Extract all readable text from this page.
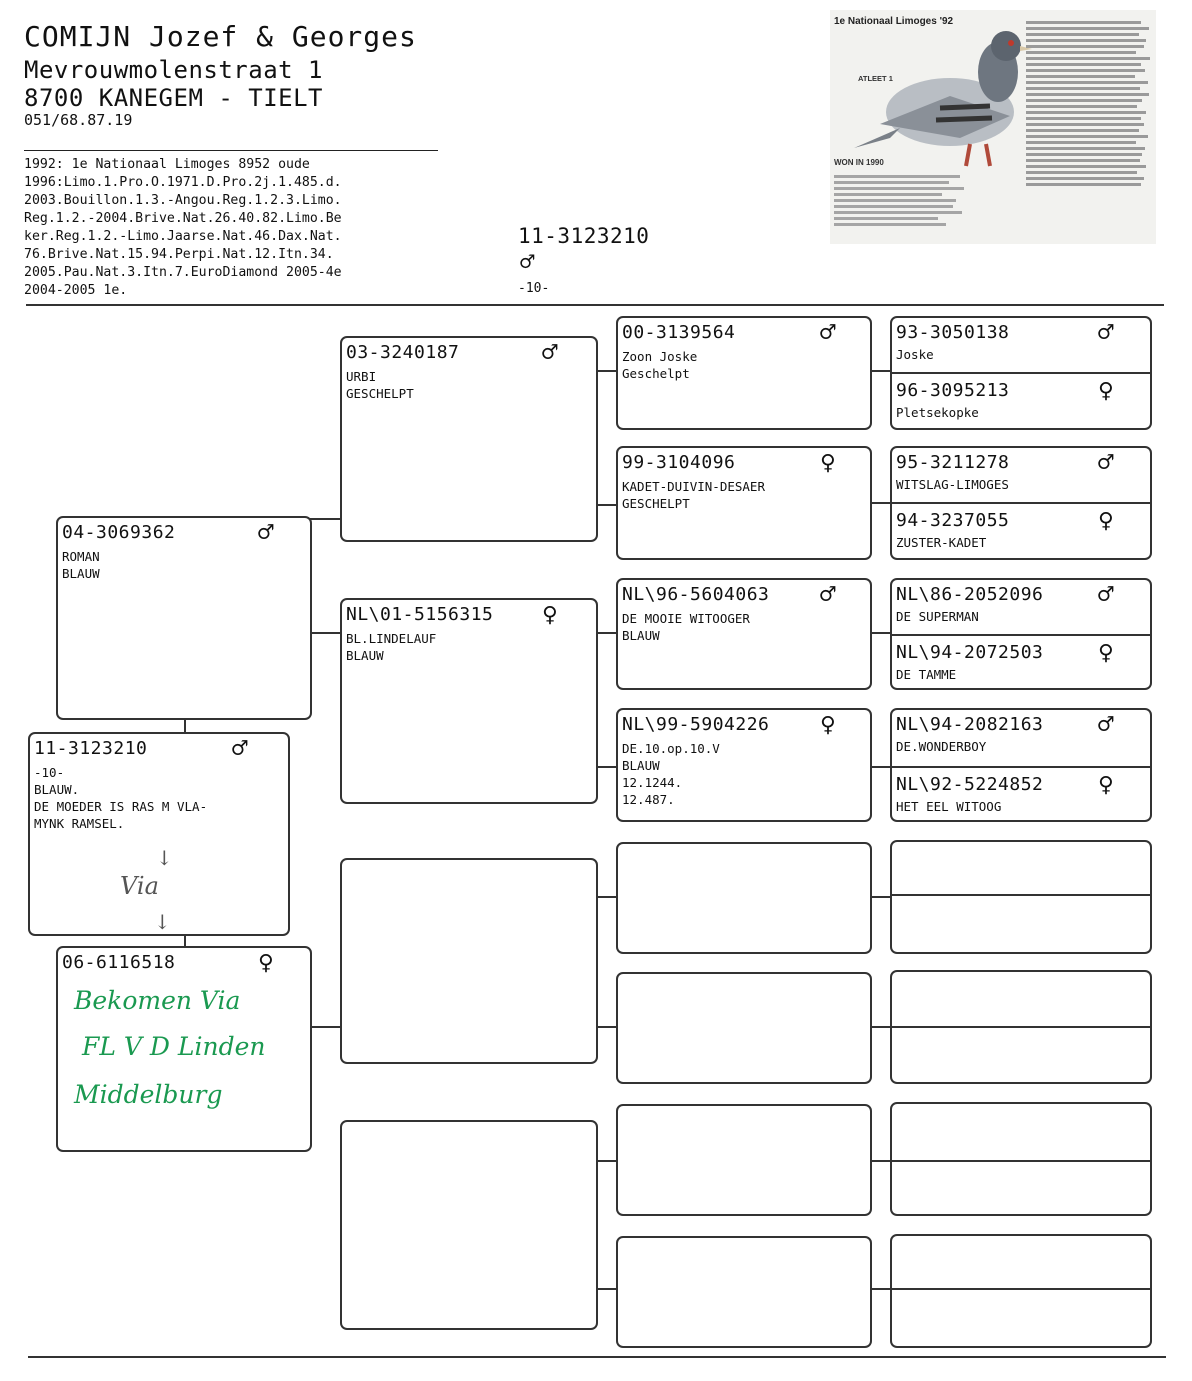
COMIJN Jozef & Georges
Mevrouwmolenstraat 1
8700 KANEGEM - TIELT
051/68.87.19
1992: 1e Nationaal Limoges 8952 oude
1996:Limo.1.Pro.O.1971.D.Pro.2j.1.485.d.
2003.Bouillon.1.3.-Angou.Reg.1.2.3.Limo.
Reg.1.2.-2004.Brive.Nat.26.40.82.Limo.Be
ker.Reg.1.2.-Limo.Jaarse.Nat.46.Dax.Nat.
76.Brive.Nat.15.94.Perpi.Nat.12.Itn.34.
2005.Pau.Nat.3.Itn.7.EuroDiamond 2005-4e
2004-2005 1e.
11-3123210
♂
-10-
1e Nationaal Limoges '92
ATLEET 1
WON IN 1990
11-3123210	♂
-10-
BLAUW.
DE MOEDER IS RAS M VLA-
MYNK RAMSEL.
↓
Via
↓
04-3069362	♂
ROMAN
BLAUW
06-6116518	♀
Bekomen Via
FL V D Linden
Middelburg
03-3240187	♂
URBI
GESCHELPT
NL\01-5156315 ♀
BL.LINDELAUF
BLAUW
00-3139564	♂
Zoon Joske
Geschelpt
99-3104096	♀
KADET-DUIVIN-DESAER
GESCHELPT
NL\96-5604063 ♂
DE MOOIE WITOOGER
BLAUW
NL\99-5904226 ♀
DE.10.op.10.V
BLAUW
12.1244.
12.487.
93-3050138	♂
Joske
96-3095213	♀
Pletsekopke
95-3211278	♂
WITSLAG-LIMOGES
94-3237055	♀
ZUSTER-KADET
NL\86-2052096 ♂
DE SUPERMAN
NL\94-2072503 ♀
DE TAMME
NL\94-2082163 ♂
DE.WONDERBOY
NL\92-5224852 ♀
HET EEL WITOOG
